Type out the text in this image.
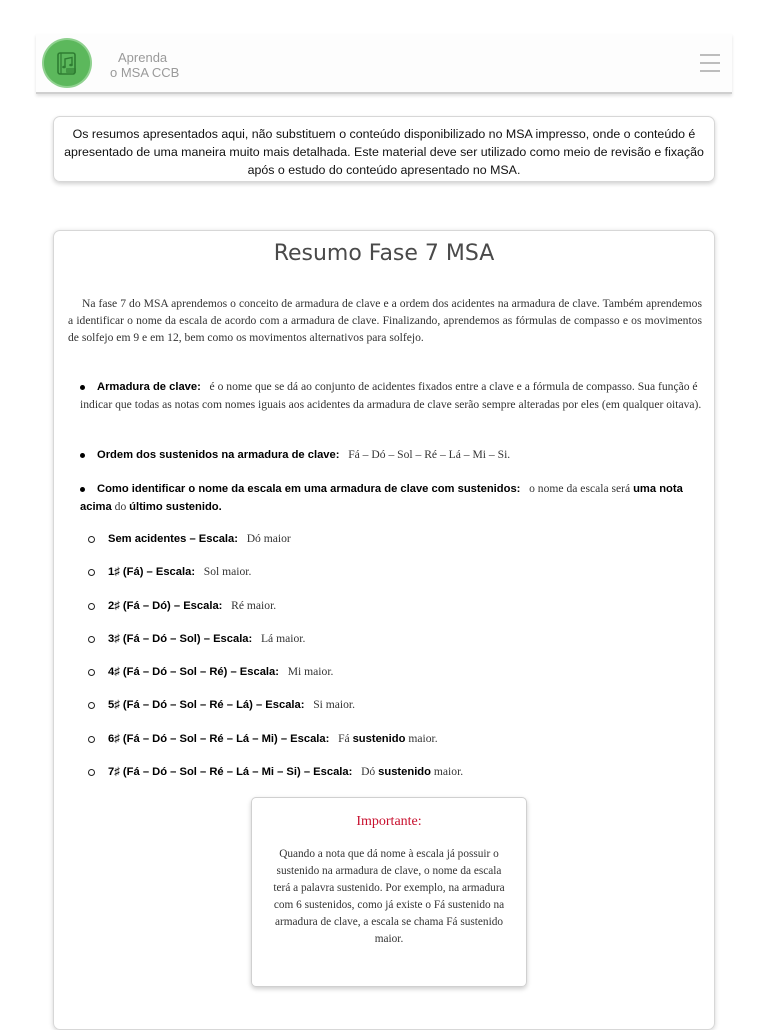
Aprenda
o MSA CCB
Os resumos apresentados aqui, não substituem o conteúdo disponibilizado no MSA impresso, onde o conteúdo é apresentado de uma maneira muito mais detalhada. Este material deve ser utilizado como meio de revisão e fixação após o estudo do conteúdo apresentado no MSA.
Resumo Fase 7 MSA
Na fase 7 do MSA aprendemos o conceito de armadura de clave e a ordem dos acidentes na armadura de clave. Também aprendemos a identificar o nome da escala de acordo com a armadura de clave. Finalizando, aprendemos as fórmulas de compasso e os movimentos de solfejo em 9 e em 12, bem como os movimentos alternativos para solfejo.
Armadura de clave: é o nome que se dá ao conjunto de acidentes fixados entre a clave e a fórmula de compasso. Sua função é indicar que todas as notas com nomes iguais aos acidentes da armadura de clave serão sempre alteradas por eles (em qualquer oitava).
Ordem dos sustenidos na armadura de clave: Fá – Dó – Sol – Ré – Lá – Mi – Si.
Como identificar o nome da escala em uma armadura de clave com sustenidos: o nome da escala será uma nota acima do último sustenido.
Sem acidentes – Escala: Dó maior
1♯ (Fá) – Escala: Sol maior.
2♯ (Fá – Dó) – Escala: Ré maior.
3♯ (Fá – Dó – Sol) – Escala: Lá maior.
4♯ (Fá – Dó – Sol – Ré) – Escala: Mi maior.
5♯ (Fá – Dó – Sol – Ré – Lá) – Escala: Si maior.
6♯ (Fá – Dó – Sol – Ré – Lá – Mi) – Escala: Fá sustenido maior.
7♯ (Fá – Dó – Sol – Ré – Lá – Mi – Si) – Escala: Dó sustenido maior.
Importante:
Quando a nota que dá nome à escala já possuir o sustenido na armadura de clave, o nome da escala terá a palavra sustenido. Por exemplo, na armadura com 6 sustenidos, como já existe o Fá sustenido na armadura de clave, a escala se chama Fá sustenido maior.
